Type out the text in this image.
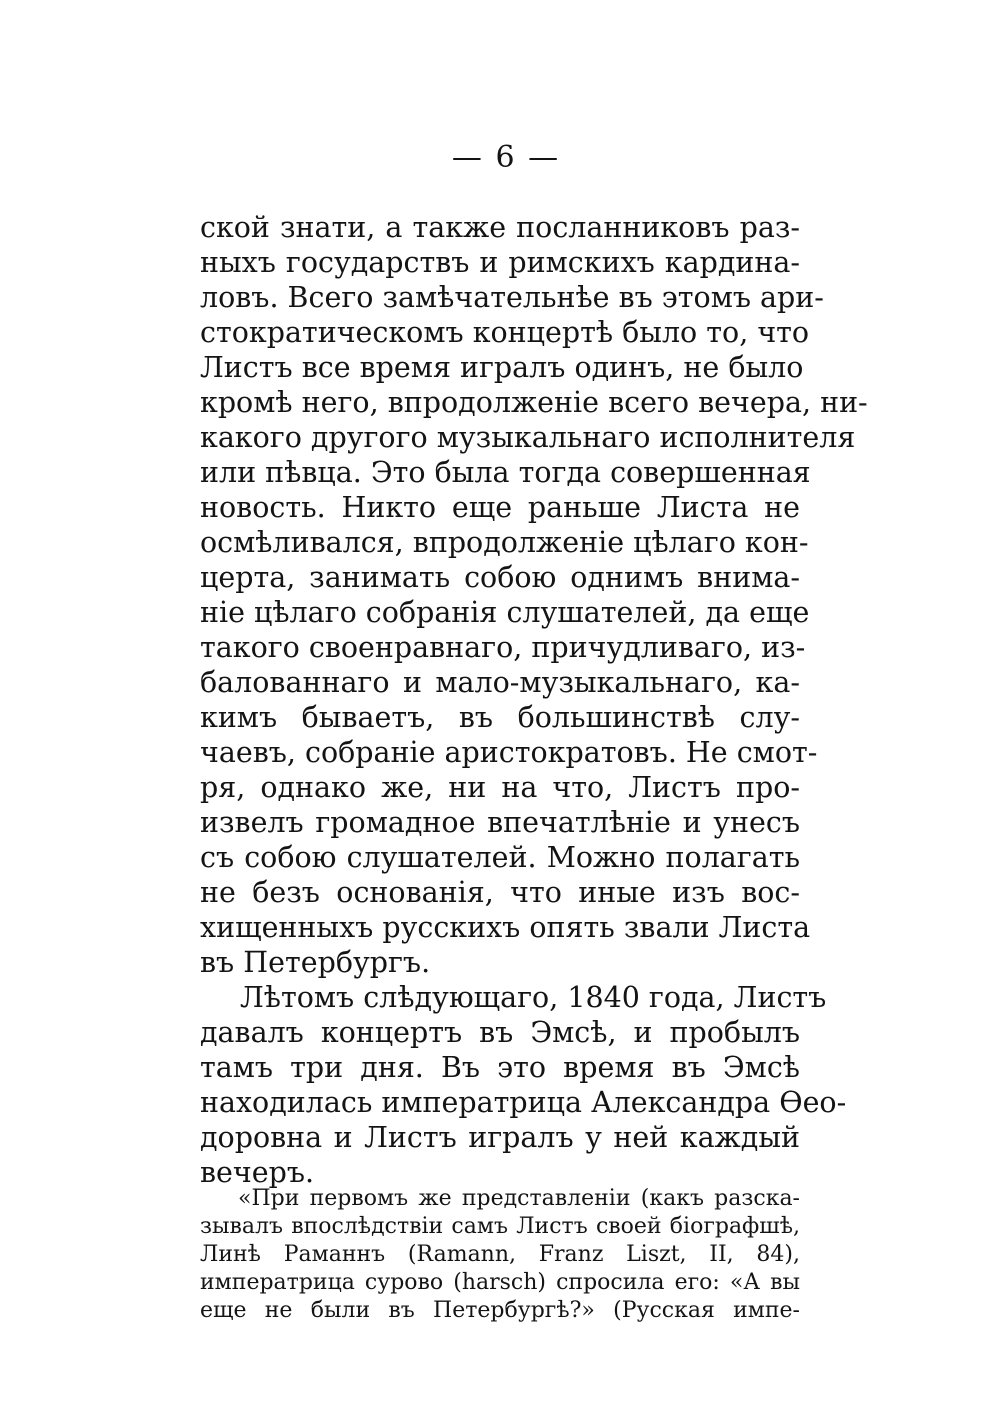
— 6 —
ской знати, а также посланниковъ раз-
ныхъ государствъ и римскихъ кардина-
ловъ. Всего замѣчательнѣе въ этомъ ари-
стократическомъ концертѣ было то, что
Листъ все время игралъ одинъ, не было
кромѣ него, впродолженіе всего вечера, ни-
какого другого музыкальнаго исполнителя
или пѣвца. Это была тогда совершенная
новость. Никто еще раньше Листа не
осмѣливался, впродолженіе цѣлаго кон-
церта, занимать собою однимъ внима-
ніе цѣлаго собранія слушателей, да еще
такого своенравнаго, причудливаго, из-
балованнаго и мало-музыкальнаго, ка-
кимъ бываетъ, въ большинствѣ слу-
чаевъ, собраніе аристократовъ. Не смот-
ря, однако же, ни на что, Листъ про-
извелъ громадное впечатлѣніе и унесъ
съ собою слушателей. Можно полагать
не безъ основанія, что иные изъ вос-
хищенныхъ русскихъ опять звали Листа
въ Петербургъ.
Лѣтомъ слѣдующаго, 1840 года, Листъ
давалъ концертъ въ Эмсѣ, и пробылъ
тамъ три дня. Въ это время въ Эмсѣ
находилась императрица Александра Ѳео-
доровна и Листъ игралъ у ней каждый
вечеръ.
«При первомъ же представленіи (какъ разска-
зывалъ впослѣдствіи самъ Листъ своей біографшѣ,
Линѣ Раманнъ (Ramann, Franz Liszt, II, 84),
императрица сурово (harsch) спросила его: «А вы
еще не были въ Петербургѣ?» (Русская импе-
